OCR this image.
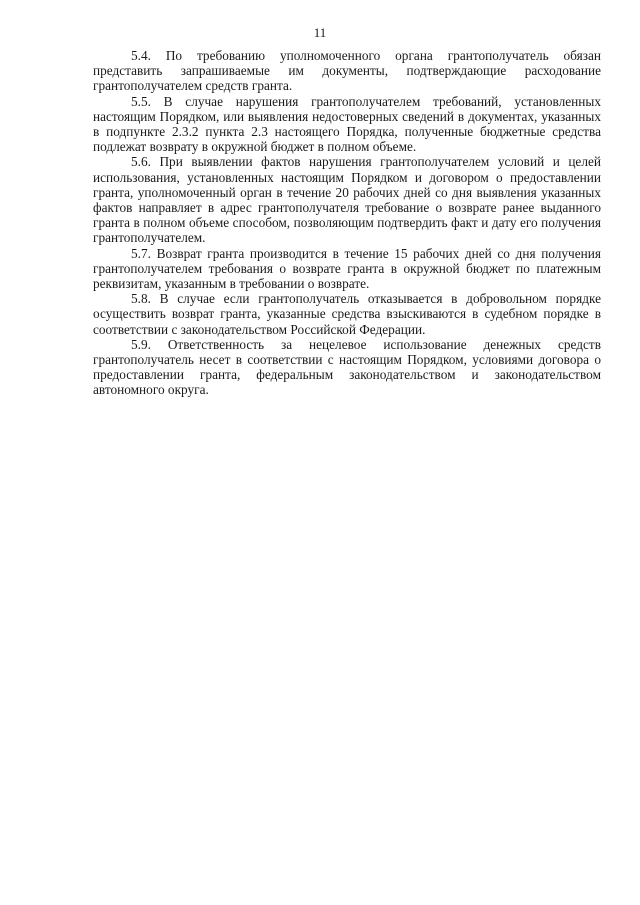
11

5.4. По требованию уполномоченного органа грантополучатель обязан представить запрашиваемые им документы, подтверждающие расходование грантополучателем средств гранта.

5.5. В случае нарушения грантополучателем требований, установленных настоящим Порядком, или выявления недостоверных сведений в документах, указанных в подпункте 2.3.2 пункта 2.3 настоящего Порядка, полученные бюджетные средства подлежат возврату в окружной бюджет в полном объеме.

5.6. При выявлении фактов нарушения грантополучателем условий и целей использования, установленных настоящим Порядком и договором о предоставлении гранта, уполномоченный орган в течение 20 рабочих дней со дня выявления указанных фактов направляет в адрес грантополучателя требование о возврате ранее выданного гранта в полном объеме способом, позволяющим подтвердить факт и дату его получения грантополучателем.

5.7. Возврат гранта производится в течение 15 рабочих дней со дня получения грантополучателем требования о возврате гранта в окружной бюджет по платежным реквизитам, указанным в требовании о возврате.

5.8. В случае если грантополучатель отказывается в добровольном порядке осуществить возврат гранта, указанные средства взыскиваются в судебном порядке в соответствии с законодательством Российской Федерации.

5.9. Ответственность за нецелевое использование денежных средств грантополучатель несет в соответствии с настоящим Порядком, условиями договора о предоставлении гранта, федеральным законодательством и законодательством автономного округа.
